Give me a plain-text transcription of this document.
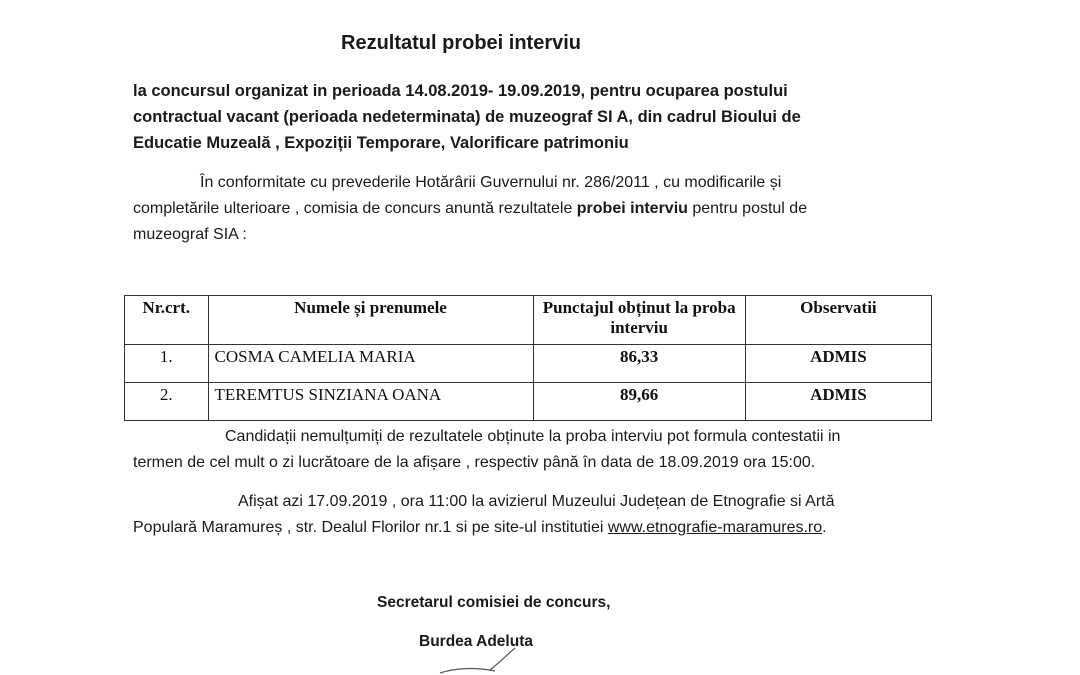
Rezultatul probei interviu

la concursul organizat in perioada 14.08.2019- 19.09.2019, pentru ocuparea postului

contractual vacant (perioada nedeterminata) de muzeograf SI A, din cadrul Bioului de

Educatie Muzeală , Expoziții Temporare, Valorificare patrimoniu

În conformitate cu prevederile Hotărârii Guvernului nr. 286/2011 , cu modificarile și

completările ulterioare , comisia de concurs anuntă rezultatele probei interviu pentru postul de

muzeograf SIA :

Nr.crt.	Numele și prenumele	Punctajul obținut la proba interviu	Observatii
1.	COSMA CAMELIA MARIA	86,33	ADMIS
2.	TEREMTUS SINZIANA OANA	89,66	ADMIS

Candidații nemulțumiți de rezultatele obținute la proba interviu pot formula contestatii in

termen de cel mult o zi lucrătoare de la afișare , respectiv până în data de 18.09.2019 ora 15:00.

Afișat azi 17.09.2019 , ora 11:00 la avizierul Muzeului Județean de Etnografie si Artă

Populară Maramureș , str. Dealul Florilor nr.1 si pe site-ul institutiei www.etnografie-maramures.ro.

Secretarul comisiei de concurs,

Burdea Adeluta
